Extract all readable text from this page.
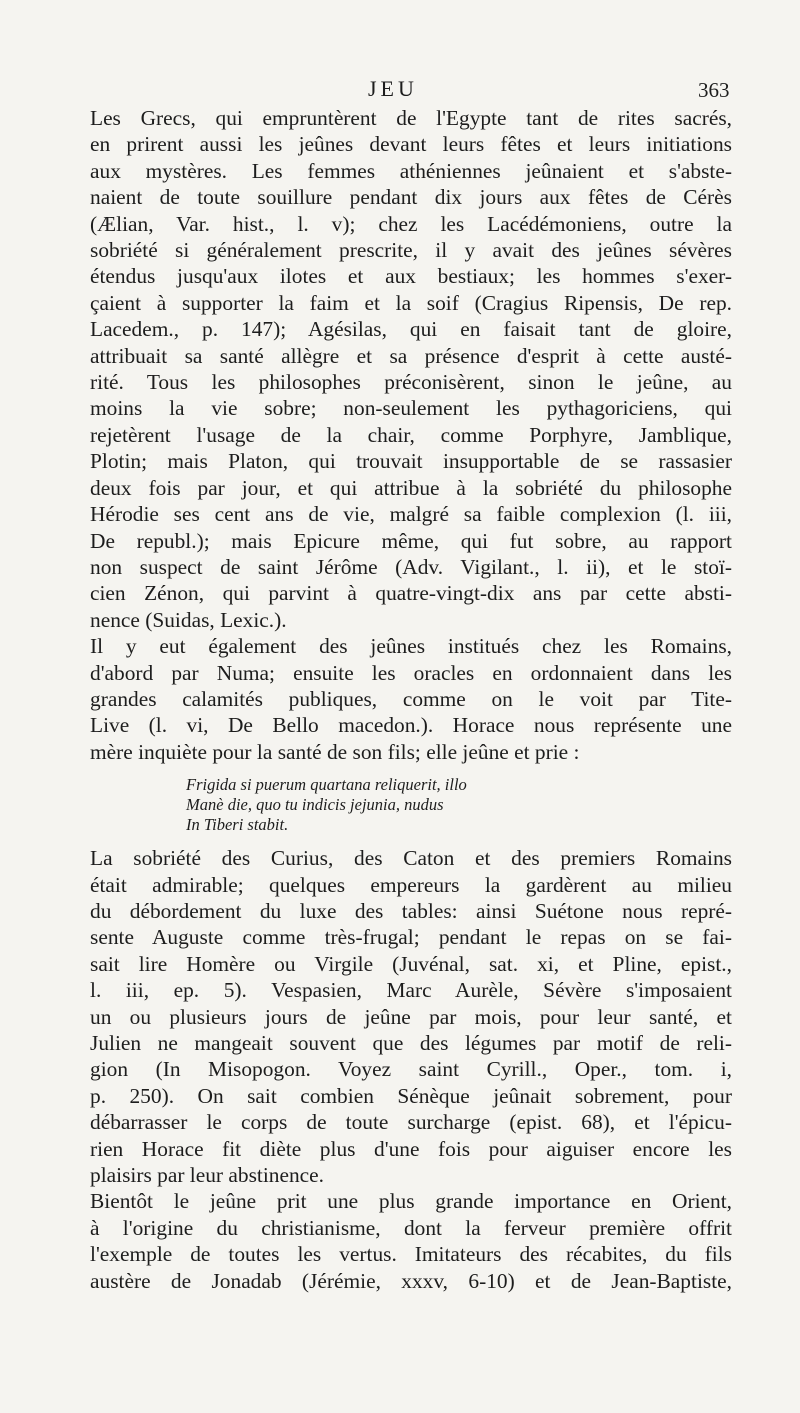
JEU	363

Les Grecs, qui empruntèrent de l'Egypte tant de rites sacrés,
en prirent aussi les jeûnes devant leurs fêtes et leurs initiations
aux mystères. Les femmes athéniennes jeûnaient et s'abste-
naient de toute souillure pendant dix jours aux fêtes de Cérès
(Ælian, Var. hist., l. v); chez les Lacédémoniens, outre la
sobriété si généralement prescrite, il y avait des jeûnes sévères
étendus jusqu'aux ilotes et aux bestiaux; les hommes s'exer-
çaient à supporter la faim et la soif (Cragius Ripensis, De rep.
Lacedem., p. 147); Agésilas, qui en faisait tant de gloire,
attribuait sa santé allègre et sa présence d'esprit à cette austé-
rité. Tous les philosophes préconisèrent, sinon le jeûne, au
moins la vie sobre; non-seulement les pythagoriciens, qui
rejetèrent l'usage de la chair, comme Porphyre, Jamblique,
Plotin; mais Platon, qui trouvait insupportable de se rassasier
deux fois par jour, et qui attribue à la sobriété du philosophe
Hérodie ses cent ans de vie, malgré sa faible complexion (l. iii,
De republ.); mais Epicure même, qui fut sobre, au rapport
non suspect de saint Jérôme (Adv. Vigilant., l. ii), et le stoï-
cien Zénon, qui parvint à quatre-vingt-dix ans par cette absti-
nence (Suidas, Lexic.).

Il y eut également des jeûnes institués chez les Romains,
d'abord par Numa; ensuite les oracles en ordonnaient dans les
grandes calamités publiques, comme on le voit par Tite-
Live (l. vi, De Bello macedon.). Horace nous représente une
mère inquiète pour la santé de son fils; elle jeûne et prie :

Frigida si puerum quartana reliquerit, illo
Manè die, quo tu indicis jejunia, nudus
In Tiberi stabit.

La sobriété des Curius, des Caton et des premiers Romains
était admirable; quelques empereurs la gardèrent au milieu
du débordement du luxe des tables: ainsi Suétone nous repré-
sente Auguste comme très-frugal; pendant le repas on se fai-
sait lire Homère ou Virgile (Juvénal, sat. xi, et Pline, epist.,
l. iii, ep. 5). Vespasien, Marc Aurèle, Sévère s'imposaient
un ou plusieurs jours de jeûne par mois, pour leur santé, et
Julien ne mangeait souvent que des légumes par motif de reli-
gion (In Misopogon. Voyez saint Cyrill., Oper., tom. i,
p. 250). On sait combien Sénèque jeûnait sobrement, pour
débarrasser le corps de toute surcharge (epist. 68), et l'épicu-
rien Horace fit diète plus d'une fois pour aiguiser encore les
plaisirs par leur abstinence.

Bientôt le jeûne prit une plus grande importance en Orient,
à l'origine du christianisme, dont la ferveur première offrit
l'exemple de toutes les vertus. Imitateurs des récabites, du fils
austère de Jonadab (Jérémie, xxxv, 6-10) et de Jean-Baptiste,
